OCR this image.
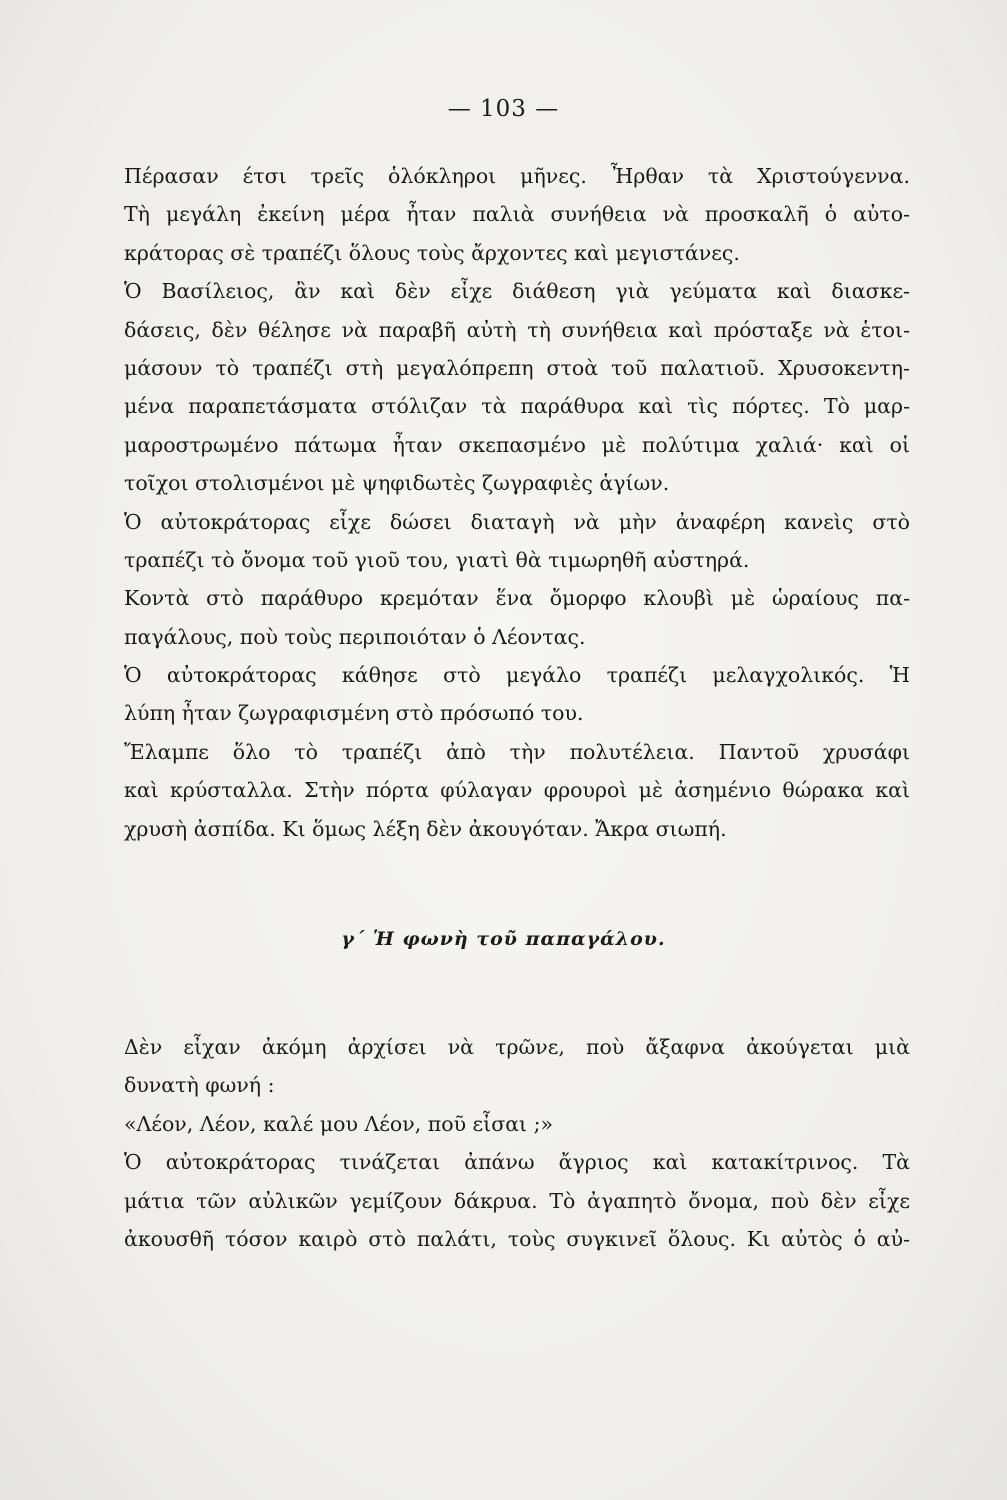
— 103 —
Πέρασαν έτσι τρεῖς ὁλόκληροι μῆνες. Ἦρθαν τὰ Χριστούγεννα.
Τὴ μεγάλη ἐκείνη μέρα ἦταν παλιὰ συνήθεια νὰ προσκαλῆ ὁ αὐτο-
κράτορας σὲ τραπέζι ὅλους τοὺς ἄρχοντες καὶ μεγιστάνες.
Ὁ Βασίλειος, ἂν καὶ δὲν εἶχε διάθεση γιὰ γεύματα καὶ διασκε-
δάσεις, δὲν θέλησε νὰ παραβῆ αὐτὴ τὴ συνήθεια καὶ πρόσταξε νὰ ἑτοι-
μάσουν τὸ τραπέζι στὴ μεγαλόπρεπη στοὰ τοῦ παλατιοῦ. Χρυσοκεντη-
μένα παραπετάσματα στόλιζαν τὰ παράθυρα καὶ τὶς πόρτες. Τὸ μαρ-
μαροστρωμένο πάτωμα ἦταν σκεπασμένο μὲ πολύτιμα χαλιά· καὶ οἱ
τοῖχοι στολισμένοι μὲ ψηφιδωτὲς ζωγραφιὲς ἁγίων.
Ὁ αὐτοκράτορας εἶχε δώσει διαταγὴ νὰ μὴν ἀναφέρη κανεὶς στὸ
τραπέζι τὸ ὄνομα τοῦ γιοῦ του, γιατὶ θὰ τιμωρηθῆ αὐστηρά.
Κοντὰ στὸ παράθυρο κρεμόταν ἕνα ὄμορφο κλουβὶ μὲ ὡραίους πα-
παγάλους, ποὺ τοὺς περιποιόταν ὁ Λέοντας.
Ὁ αὐτοκράτορας κάθησε στὸ μεγάλο τραπέζι μελαγχολικός. Ἡ
λύπη ἦταν ζωγραφισμένη στὸ πρόσωπό του.
Ἔλαμπε ὅλο τὸ τραπέζι ἀπὸ τὴν πολυτέλεια. Παντοῦ χρυσάφι
καὶ κρύσταλλα. Στὴν πόρτα φύλαγαν φρουροὶ μὲ ἀσημένιο θώρακα καὶ
χρυσὴ ἀσπίδα. Κι ὅμως λέξη δὲν ἀκουγόταν. Ἄκρα σιωπή.
γ΄ Ἡ φωνὴ τοῦ παπαγάλου.
Δὲν εἶχαν ἀκόμη ἀρχίσει νὰ τρῶνε, ποὺ ἄξαφνα ἀκούγεται μιὰ
δυνατὴ φωνή :
«Λέον, Λέον, καλέ μου Λέον, ποῦ εἶσαι ;»
Ὁ αὐτοκράτορας τινάζεται ἀπάνω ἄγριος καὶ κατακίτρινος. Τὰ
μάτια τῶν αὐλικῶν γεμίζουν δάκρυα. Τὸ ἀγαπητὸ ὄνομα, ποὺ δὲν εἶχε
ἀκουσθῆ τόσον καιρὸ στὸ παλάτι, τοὺς συγκινεῖ ὅλους. Κι αὐτὸς ὁ αὐ-
